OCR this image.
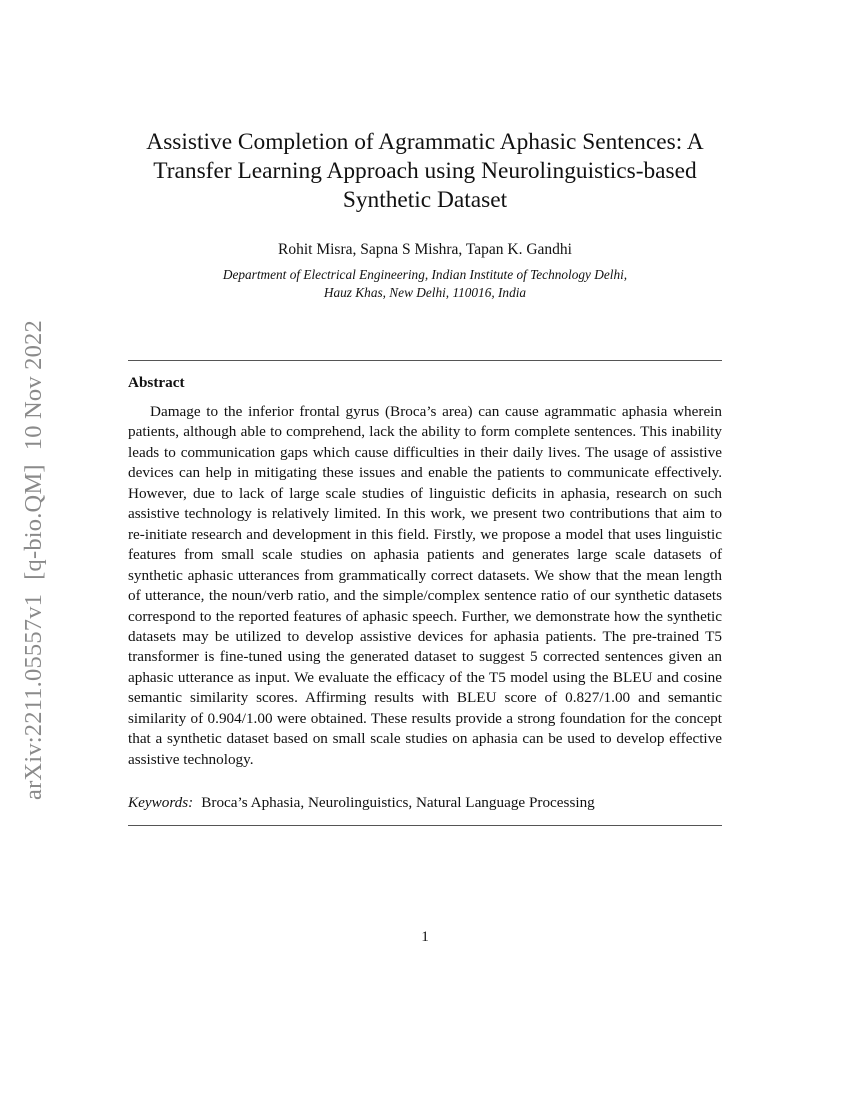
arXiv:2211.05557v1[q-bio.QM]10 Nov 2022
Assistive Completion of Agrammatic Aphasic Sentences: A
Transfer Learning Approach using Neurolinguistics-based
Synthetic Dataset

Rohit Misra, Sapna S Mishra, Tapan K. Gandhi

Department of Electrical Engineering, Indian Institute of Technology Delhi,
Hauz Khas, New Delhi, 110016, India

Abstract

Damage to the inferior frontal gyrus (Broca’s area) can cause agrammatic aphasia wherein patients, although able to comprehend, lack the ability to form complete sentences. This inability leads to communication gaps which cause difficulties in their daily lives. The usage of assistive devices can help in mitigating these issues and enable the patients to communicate effectively. However, due to lack of large scale studies of linguistic deficits in aphasia, research on such assistive technology is relatively limited. In this work, we present two contributions that aim to re-initiate research and development in this field. Firstly, we propose a model that uses linguistic features from small scale studies on aphasia patients and generates large scale datasets of synthetic aphasic utterances from grammatically correct datasets. We show that the mean length of utterance, the noun/verb ratio, and the simple/complex sentence ratio of our synthetic datasets correspond to the reported features of aphasic speech. Further, we demonstrate how the synthetic datasets may be utilized to develop assistive devices for aphasia patients. The pre-trained T5 transformer is fine-tuned using the generated dataset to suggest 5 corrected sentences given an aphasic utterance as input. We evaluate the efficacy of the T5 model using the BLEU and cosine semantic similarity scores. Affirming results with BLEU score of 0.827/1.00 and semantic similarity of 0.904/1.00 were obtained. These results provide a strong foundation for the concept that a synthetic dataset based on small scale studies on aphasia can be used to develop effective assistive technology.

Keywords: Broca’s Aphasia, Neurolinguistics, Natural Language Processing

1
